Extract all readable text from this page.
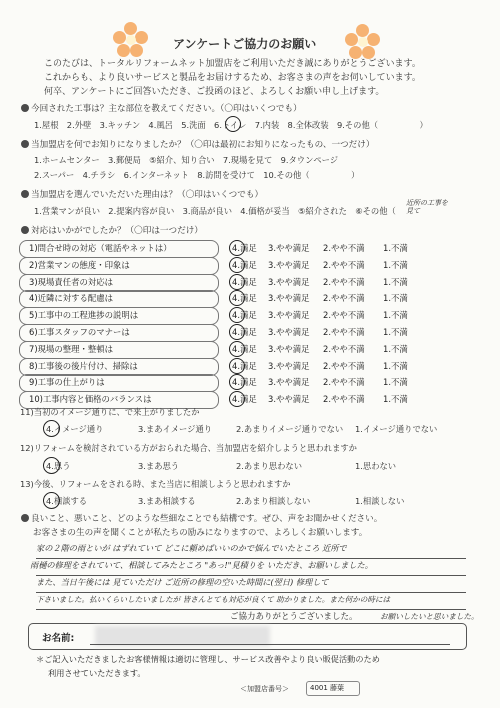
アンケートご協力のお願い
このたびは、トータルリフォームネット加盟店をご利用いただき誠にありがとうございます。
これからも、より良いサービスと製品をお届けするため、お客さまの声をお伺いしています。
何卒、アンケートにご回答いただき、ご投函のほど、よろしくお願い申し上げます。
今回された工事は？主な部位を教えてください。（〇印はいくつでも）
1.屋根　2.外壁　3.キッチン　4.風呂　5.洗面　6.トイレ　7.内装　8.全体改装　9.その他（　　　　　）
当加盟店を何でお知りになりましたか？（〇印は最初にお知りになったもの、一つだけ）
1.ホームセンター　3.郵便局　⑤紹介、知り合い　7.現場を見て　9.タウンページ
2.スーパー　4.チラシ　6.インターネット　8.訪問を受けて　10.その他（　　　　　）
当加盟店を選んでいただいた理由は？（〇印はいくつでも）
1.営業マンが良い　2.提案内容が良い　3.商品が良い　4.価格が妥当　⑤紹介された　⑥その他（
近所の工事を見て
対応はいかがでしたか？（〇印は一つだけ）
1)問合せ時の対応（電話やネットは）	4.満足 3.やや満足 2.やや不満 1.不満
2)営業マンの態度・印象は	4.満足 3.やや満足 2.やや不満 1.不満
3)現場責任者の対応は	4.満足 3.やや満足 2.やや不満 1.不満
4)近隣に対する配慮は	4.満足 3.やや満足 2.やや不満 1.不満
5)工事中の工程進捗の説明は	4.満足 3.やや満足 2.やや不満 1.不満
6)工事スタッフのマナーは	4.満足 3.やや満足 2.やや不満 1.不満
7)現場の整理・整頓は	4.満足 3.やや満足 2.やや不満 1.不満
8)工事後の後片付け、掃除は	4.満足 3.やや満足 2.やや不満 1.不満
9)工事の仕上がりは	4.満足 3.やや満足 2.やや不満 1.不満
10)工事内容と価格のバランスは	4.満足 3.やや満足 2.やや不満 1.不満
11)当初のイメージ通りに、で来上がりましたか
4.イメージ通り	3.まあイメージ通り	2.あまりイメージ通りでない 1.イメージ通りでない
12)リフォームを検討されている方がおられた場合、当加盟店を紹介しようと思われますか
4.思う	3.まあ思う	2.あまり思わない	1.思わない
13)今後、リフォームをされる時、また当店に相談しようと思われますか
4.相談する	3.まあ相談する	2.あまり相談しない	1.相談しない
良いこと、悪いこと、どのような些細なことでも結構です。ぜひ、声をお聞かせください。
お客さまの生の声を聞くことが私たちの励みになりますので、よろしくお願いします。
家の２階の雨といが はずれていて どこに頼めばいいのかで悩んでいたところ 近所で
雨樋の修理をされていて、相談してみたところ "あっ!"見積りを いただき、お願いしました。
また、当日午後には 見ていただけ ご近所の修理の空いた時間に(翌日) 修理して
下さいました。払いくらいしたいましたが 皆さんとても対応が良くて 助かりました。また何かの時には
お願いしたいと思いました。
ご協力ありがとうございました。
お名前:
＊ご記入いただきましたお客様情報は適切に管理し、サービス改善やより良い販促活動のため
利用させていただきます。
＜加盟店番号＞	4001 藤葉
